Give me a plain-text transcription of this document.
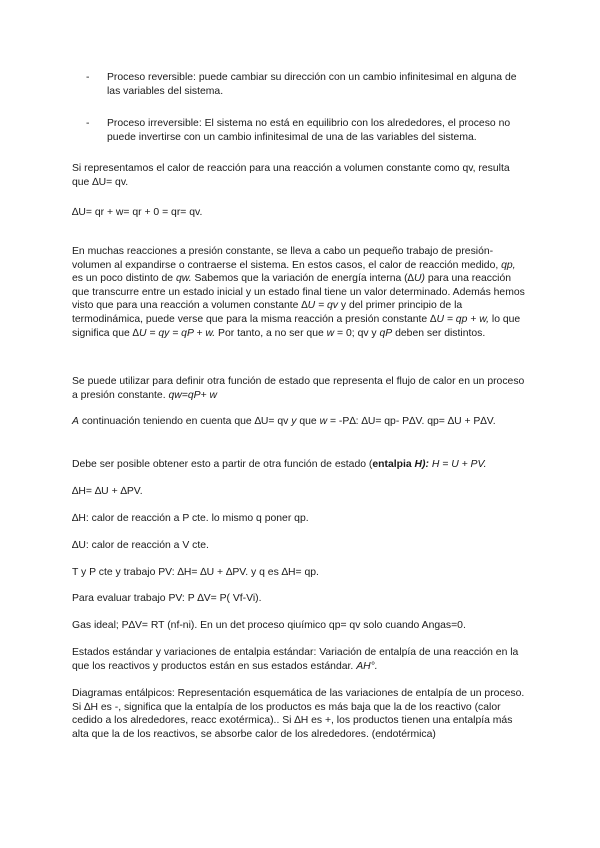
- Proceso reversible: puede cambiar su dirección con un cambio infinitesimal en alguna de las variables del sistema.
- Proceso irreversible: El sistema no está en equilibrio con los alrededores, el proceso no puede invertirse con un cambio infinitesimal de una de las variables del sistema.

Si representamos el calor de reacción para una reacción a volumen constante como qv, resulta que ∆U= qv.

∆U= qr + w= qr + 0 = qr= qv.

En muchas reacciones a presión constante, se lleva a cabo un pequeño trabajo de presión-volumen al expandirse o contraerse el sistema. En estos casos, el calor de reacción medido, qp, es un poco distinto de qw. Sabemos que la variación de energía interna (∆U) para una reacción que transcurre entre un estado inicial y un estado final tiene un valor determinado. Además hemos visto que para una reacción a volumen constante ∆U = qv y del primer principio de la termodinámica, puede verse que para la misma reacción a presión constante ∆U = qp + w, lo que significa que ∆U = qy = qP + w. Por tanto, a no ser que w = 0; qv y qP deben ser distintos.

Se puede utilizar para definir otra función de estado que representa el flujo de calor en un proceso a presión constante. qw=qP+ w

A continuación teniendo en cuenta que ∆U= qv y que w = -P∆: ∆U= qp- P∆V. qp= ∆U + P∆V.

Debe ser posible obtener esto a partir de otra función de estado (entalpia H): H = U + PV.

∆H= ∆U + ∆PV.

∆H: calor de reacción a P cte. lo mismo q poner qp.

∆U: calor de reacción a V cte.

T y P cte y trabajo PV: ∆H= ∆U + ∆PV. y q es ∆H= qp.

Para evaluar trabajo PV: P ∆V= P( Vf-Vi).

Gas ideal; P∆V= RT (nf-ni). En un det proceso qiuímico qp= qv solo cuando Angas=0.

Estados estándar y variaciones de entalpia estándar: Variación de entalpía de una reacción en la que los reactivos y productos están en sus estados estándar. AH°.

Diagramas entálpicos: Representación esquemática de las variaciones de entalpía de un proceso. Si ∆H es -, significa que la entalpía de los productos es más baja que la de los reactivo (calor cedido a los alrededores, reacc exotérmica).. Si ∆H es +, los productos tienen una entalpía más alta que la de los reactivos, se absorbe calor de los alrededores. (endotérmica)
